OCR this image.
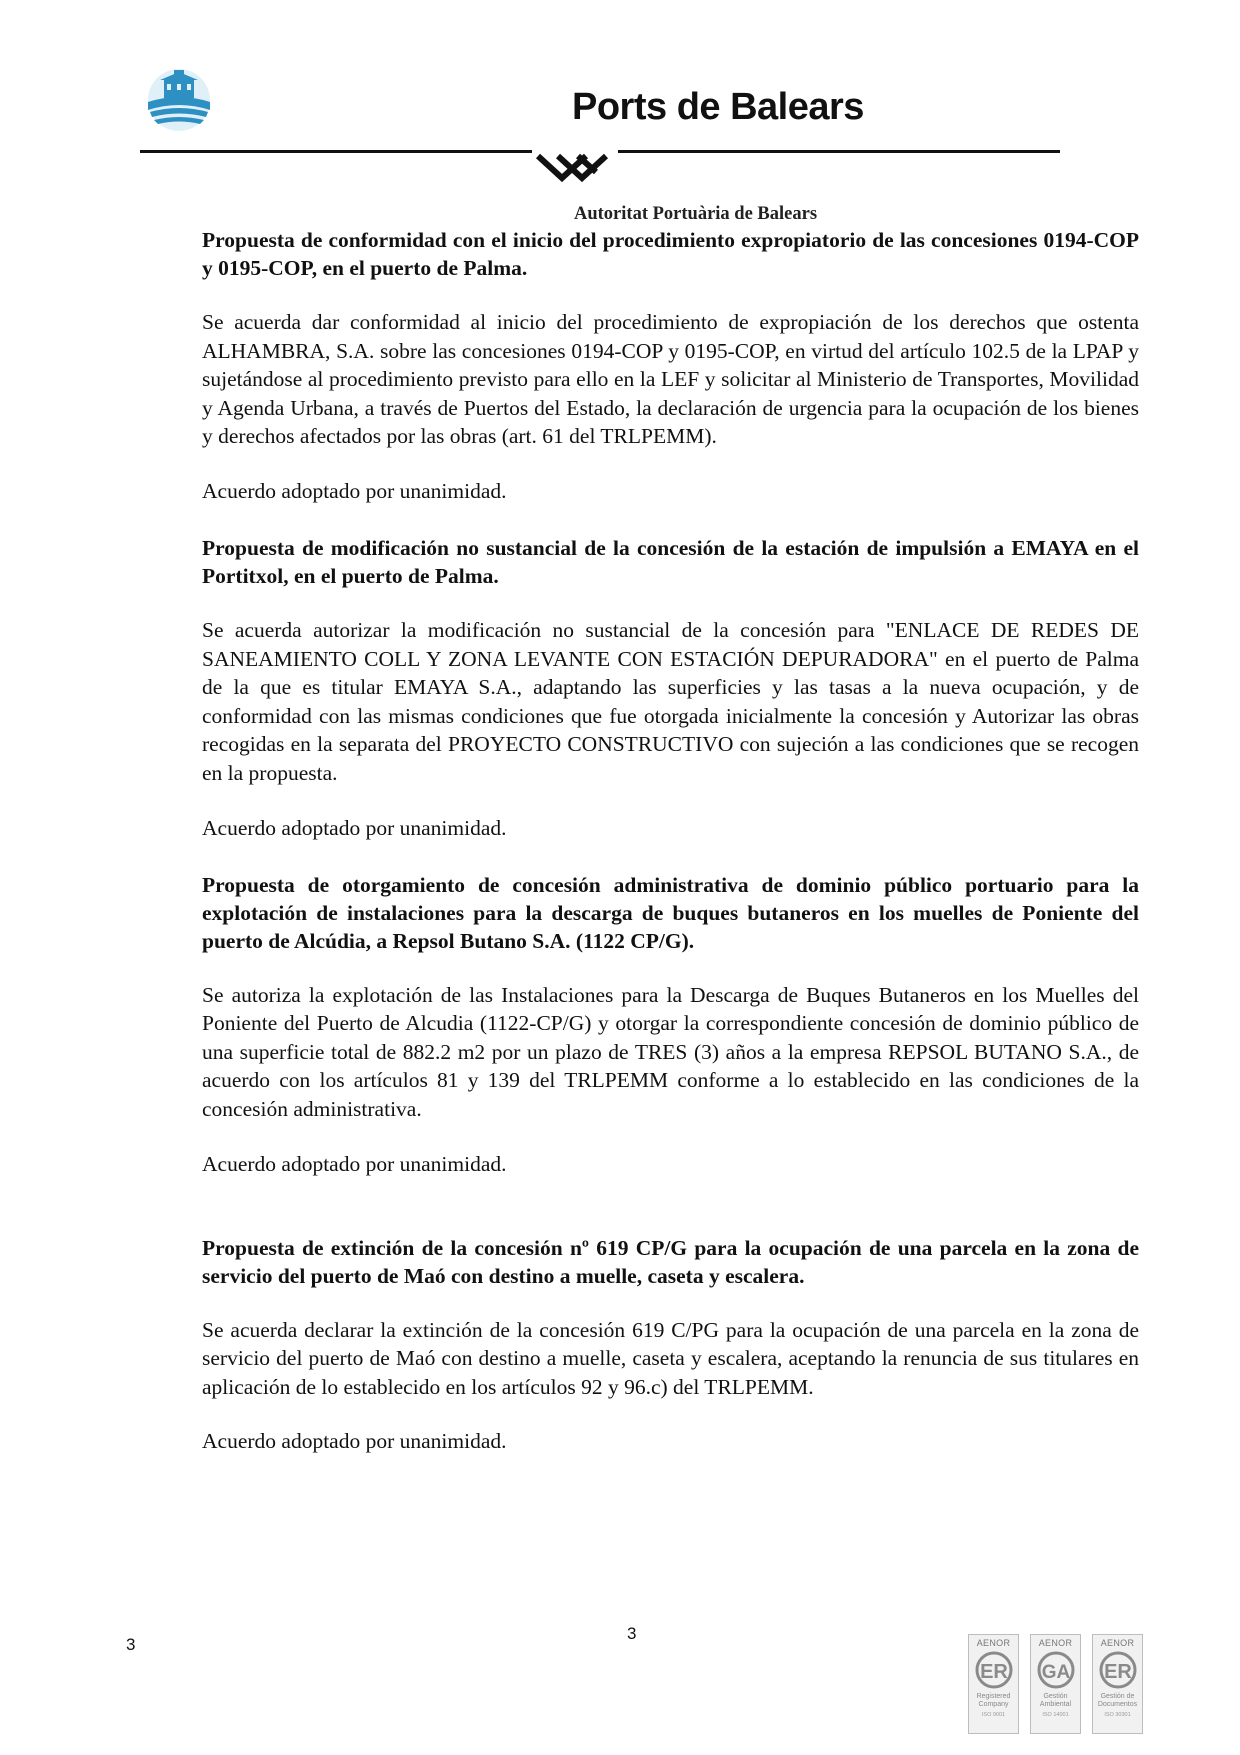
Ports de Balears
Autoritat Portuària de Balears

Propuesta de conformidad con el inicio del procedimiento expropiatorio de las concesiones 0194-COP y 0195-COP, en el puerto de Palma.

Se acuerda dar conformidad al inicio del procedimiento de expropiación de los derechos que ostenta ALHAMBRA, S.A. sobre las concesiones 0194-COP y 0195-COP, en virtud del artículo 102.5 de la LPAP y sujetándose al procedimiento previsto para ello en la LEF y solicitar al Ministerio de Transportes, Movilidad y Agenda Urbana, a través de Puertos del Estado, la declaración de urgencia para la ocupación de los bienes y derechos afectados por las obras (art. 61 del TRLPEMM).

Acuerdo adoptado por unanimidad.

Propuesta de modificación no sustancial de la concesión de la estación de impulsión a EMAYA en el Portitxol, en el puerto de Palma.

Se acuerda autorizar la modificación no sustancial de la concesión para "ENLACE DE REDES DE SANEAMIENTO COLL Y ZONA LEVANTE CON ESTACIÓN DEPURADORA" en el puerto de Palma de la que es titular EMAYA S.A., adaptando las superficies y las tasas a la nueva ocupación, y de conformidad con las mismas condiciones que fue otorgada inicialmente la concesión y Autorizar las obras recogidas en la separata del PROYECTO CONSTRUCTIVO con sujeción a las condiciones que se recogen en la propuesta.

Acuerdo adoptado por unanimidad.

Propuesta de otorgamiento de concesión administrativa de dominio público portuario para la explotación de instalaciones para la descarga de buques butaneros en los muelles de Poniente del puerto de Alcúdia, a Repsol Butano S.A. (1122 CP/G).

Se autoriza la explotación de las Instalaciones para la Descarga de Buques Butaneros en los Muelles del Poniente del Puerto de Alcudia (1122-CP/G) y otorgar la correspondiente concesión de dominio público de una superficie total de 882.2 m2 por un plazo de TRES (3) años a la empresa REPSOL BUTANO S.A., de acuerdo con los artículos 81 y 139 del TRLPEMM conforme a lo establecido en las condiciones de la concesión administrativa.

Acuerdo adoptado por unanimidad.

Propuesta de extinción de la concesión nº 619 CP/G para la ocupación de una parcela en la zona de servicio del puerto de Maó con destino a muelle, caseta y escalera.

Se acuerda declarar la extinción de la concesión 619 C/PG para la ocupación de una parcela en la zona de servicio del puerto de Maó con destino a muelle, caseta y escalera, aceptando la renuncia de sus titulares en aplicación de lo establecido en los artículos 92 y 96.c) del TRLPEMM.

Acuerdo adoptado por unanimidad.

3
3	AENOR
ER
Registered Company
ISO 9001
AENOR
GA
Gestión Ambiental
ISO 14001
AENOR
ER
Gestión de Documentos
ISO 30301
